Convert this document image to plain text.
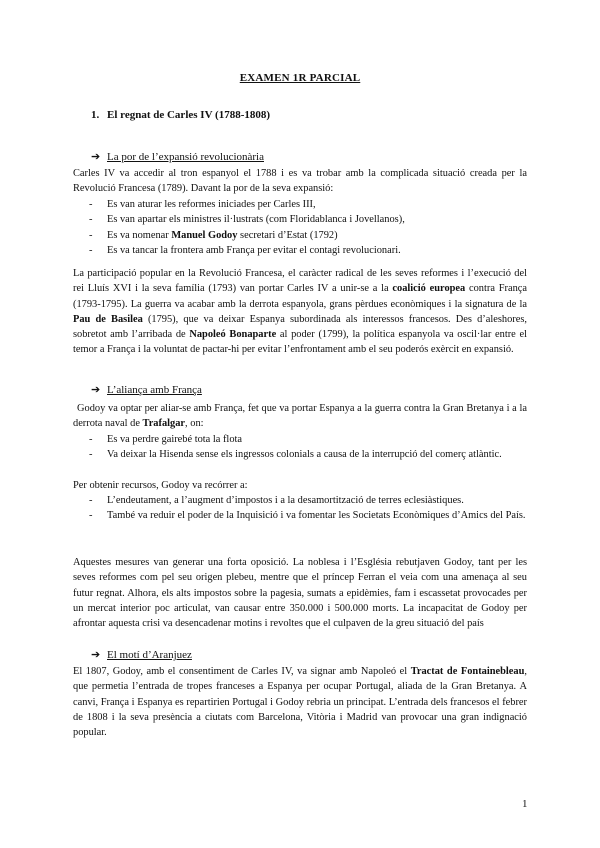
EXAMEN 1R PARCIAL
1. El regnat de Carles IV (1788-1808)
➔ La por de l’expansió revolucionària

Carles IV va accedir al tron espanyol el 1788 i es va trobar amb la complicada situació creada per la Revolució Francesa (1789). Davant la por de la seva expansió:

- Es van aturar les reformes iniciades per Carles III,
- Es van apartar els ministres il·lustrats (com Floridablanca i Jovellanos),
- Es va nomenar Manuel Godoy secretari d’Estat (1792)
- Es va tancar la frontera amb França per evitar el contagi revolucionari.

La participació popular en la Revolució Francesa, el caràcter radical de les seves reformes i l’execució del rei Lluís XVI i la seva família (1793) van portar Carles IV a unir-se a la coalició europea contra França (1793-1795). La guerra va acabar amb la derrota espanyola, grans pèrdues econòmiques i la signatura de la Pau de Basilea (1795), que va deixar Espanya subordinada als interessos francesos. Des d’aleshores, sobretot amb l’arribada de Napoleó Bonaparte al poder (1799), la política espanyola va oscil·lar entre el temor a França i la voluntat de pactar-hi per evitar l’enfrontament amb el seu poderós exèrcit en expansió.

➔ L’aliança amb França

Godoy va optar per aliar-se amb França, fet que va portar Espanya a la guerra contra la Gran Bretanya i a la derrota naval de Trafalgar, on:

- Es va perdre gairebé tota la flota
- Va deixar la Hisenda sense els ingressos colonials a causa de la interrupció del comerç atlàntic.

Per obtenir recursos, Godoy va recórrer a:

- L’endeutament, a l’augment d’impostos i a la desamortització de terres eclesiàstiques.
- També va reduir el poder de la Inquisició i va fomentar les Societats Econòmiques d’Amics del País.

Aquestes mesures van generar una forta oposició. La noblesa i l’Església rebutjaven Godoy, tant per les seves reformes com pel seu origen plebeu, mentre que el príncep Ferran el veia com una amenaça al seu futur regnat. Alhora, els alts impostos sobre la pagesia, sumats a epidèmies, fam i escassetat provocades per un mercat interior poc articulat, van causar entre 350.000 i 500.000 morts. La incapacitat de Godoy per afrontar aquesta crisi va desencadenar motins i revoltes que el culpaven de la greu situació del país

➔ El motí d’Aranjuez

El 1807, Godoy, amb el consentiment de Carles IV, va signar amb Napoleó el Tractat de Fontainebleau, que permetia l’entrada de tropes franceses a Espanya per ocupar Portugal, aliada de la Gran Bretanya. A canvi, França i Espanya es repartirien Portugal i Godoy rebria un principat. L’entrada dels francesos el febrer de 1808 i la seva presència a ciutats com Barcelona, Vitòria i Madrid van provocar una gran indignació popular.

1
